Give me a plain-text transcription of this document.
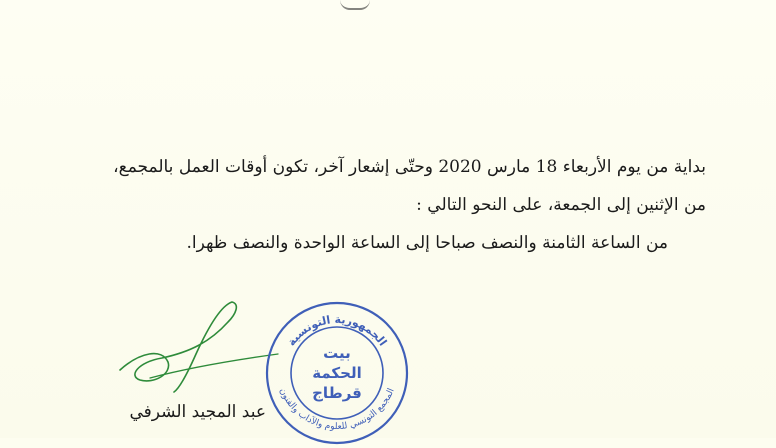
بداية من يوم الأربعاء 18 مارس 2020 وحتّى إشعار آخر، تكون أوقات العمل بالمجمع،
من الإثنين إلى الجمعة، على النحو التالي :
من الساعة الثامنة والنصف صباحا إلى الساعة الواحدة والنصف ظهرا.
عبد المجيد الشرفي
الجمهورية التونسية
المجمع التونسي للعلوم والآداب والفنون
بيت
الحكمة
قرطاج
